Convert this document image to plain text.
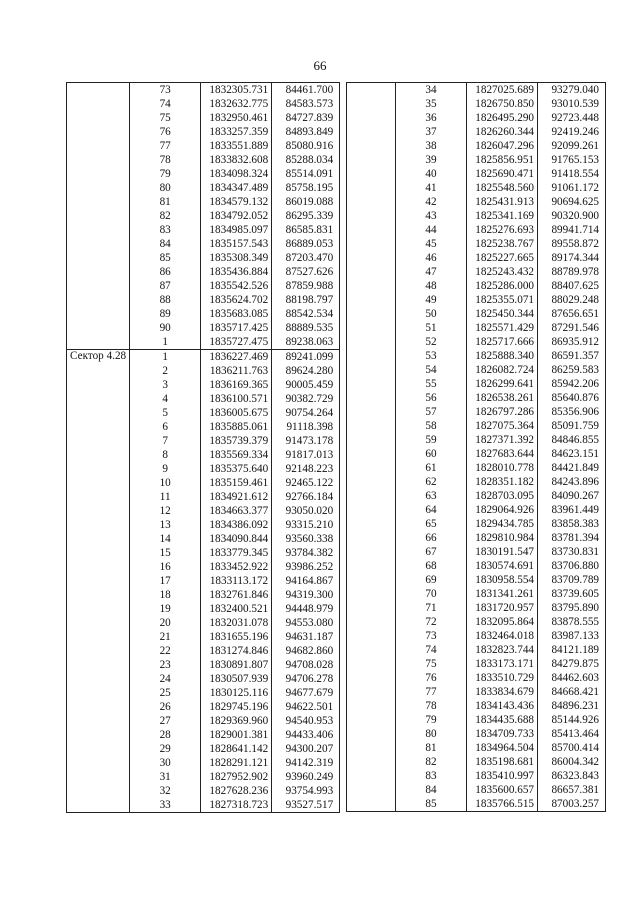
66
	73	1832305.731	84461.700
	74	1832632.775	84583.573
	75	1832950.461	84727.839
	76	1833257.359	84893.849
	77	1833551.889	85080.916
	78	1833832.608	85288.034
	79	1834098.324	85514.091
	80	1834347.489	85758.195
	81	1834579.132	86019.088
	82	1834792.052	86295.339
	83	1834985.097	86585.831
	84	1835157.543	86889.053
	85	1835308.349	87203.470
	86	1835436.884	87527.626
	87	1835542.526	87859.988
	88	1835624.702	88198.797
	89	1835683.085	88542.534
	90	1835717.425	88889.535
	1	1835727.475	89238.063

Сектор 4.28	1	1836227.469	89241.099
	2	1836211.763	89624.280
	3	1836169.365	90005.459
	4	1836100.571	90382.729
	5	1836005.675	90754.264
	6	1835885.061	91118.398
	7	1835739.379	91473.178
	8	1835569.334	91817.013
	9	1835375.640	92148.223
	10	1835159.461	92465.122
	11	1834921.612	92766.184
	12	1834663.377	93050.020
	13	1834386.092	93315.210
	14	1834090.844	93560.338
	15	1833779.345	93784.382
	16	1833452.922	93986.252
	17	1833113.172	94164.867
	18	1832761.846	94319.300
	19	1832400.521	94448.979
	20	1832031.078	94553.080
	21	1831655.196	94631.187
	22	1831274.846	94682.860
	23	1830891.807	94708.028
	24	1830507.939	94706.278
	25	1830125.116	94677.679
	26	1829745.196	94622.501
	27	1829369.960	94540.953
	28	1829001.381	94433.406
	29	1828641.142	94300.207
	30	1828291.121	94142.319
	31	1827952.902	93960.249
	32	1827628.236	93754.993
	33	1827318.723	93527.517
	34	1827025.689	93279.040
	35	1826750.850	93010.539
	36	1826495.290	92723.448
	37	1826260.344	92419.246
	38	1826047.296	92099.261
	39	1825856.951	91765.153
	40	1825690.471	91418.554
	41	1825548.560	91061.172
	42	1825431.913	90694.625
	43	1825341.169	90320.900
	44	1825276.693	89941.714
	45	1825238.767	89558.872
	46	1825227.665	89174.344
	47	1825243.432	88789.978
	48	1825286.000	88407.625
	49	1825355.071	88029.248
	50	1825450.344	87656.651
	51	1825571.429	87291.546
	52	1825717.666	86935.912
	53	1825888.340	86591.357
	54	1826082.724	86259.583
	55	1826299.641	85942.206
	56	1826538.261	85640.876
	57	1826797.286	85356.906
	58	1827075.364	85091.759
	59	1827371.392	84846.855
	60	1827683.644	84623.151
	61	1828010.778	84421.849
	62	1828351.182	84243.896
	63	1828703.095	84090.267
	64	1829064.926	83961.449
	65	1829434.785	83858.383
	66	1829810.984	83781.394
	67	1830191.547	83730.831
	68	1830574.691	83706.880
	69	1830958.554	83709.789
	70	1831341.261	83739.605
	71	1831720.957	83795.890
	72	1832095.864	83878.555
	73	1832464.018	83987.133
	74	1832823.744	84121.189
	75	1833173.171	84279.875
	76	1833510.729	84462.603
	77	1833834.679	84668.421
	78	1834143.436	84896.231
	79	1834435.688	85144.926
	80	1834709.733	85413.464
	81	1834964.504	85700.414
	82	1835198.681	86004.342
	83	1835410.997	86323.843
	84	1835600.657	86657.381
	85	1835766.515	87003.257
